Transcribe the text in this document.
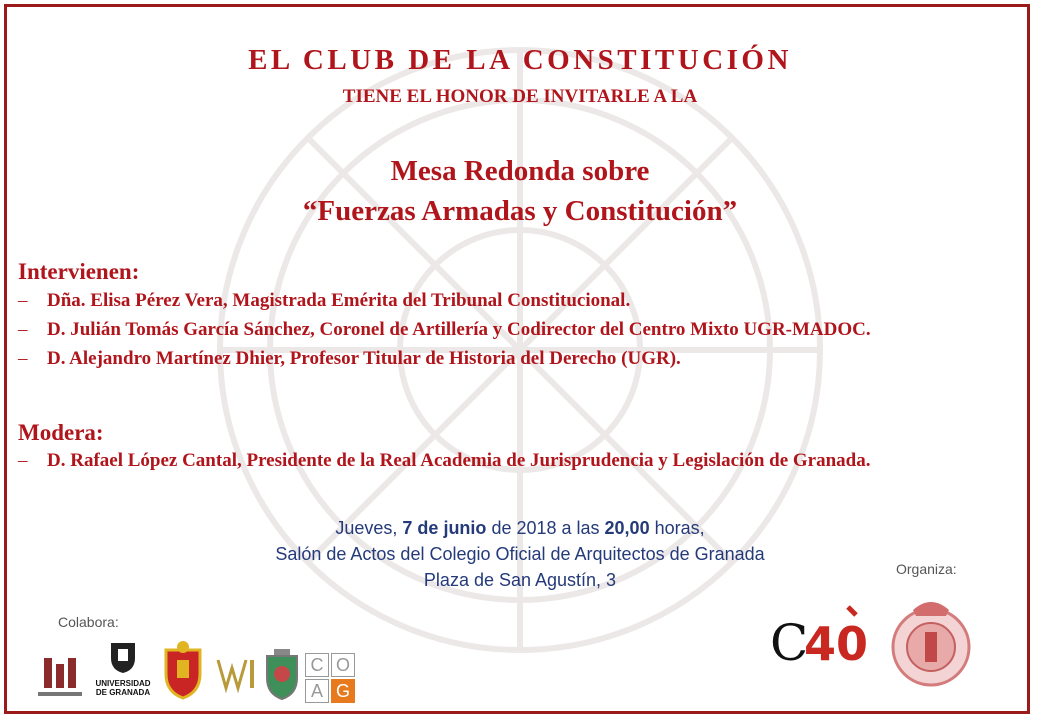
EL CLUB DE LA CONSTITUCIÓN
TIENE EL HONOR DE INVITARLE A LA
Mesa Redonda sobre
“Fuerzas Armadas y Constitución”
Intervienen:
–	Dña. Elisa Pérez Vera, Magistrada Emérita del Tribunal Constitucional.
–	D. Julián Tomás García Sánchez, Coronel de Artillería y Codirector del Centro Mixto UGR-MADOC.
–	D. Alejandro Martínez Dhier, Profesor Titular de Historia del Derecho (UGR).
Modera:
–	D. Rafael López Cantal, Presidente de la Real Academia de Jurisprudencia y Legislación de Granada.
Jueves, 7 de junio de 2018 a las 20,00 horas,
Salón de Actos del Colegio Oficial de Arquitectos de Granada
Plaza de San Agustín, 3
Organiza:
Colabora:	C
40
UNIVERSIDAD
DE GRANADA
C O
A G
